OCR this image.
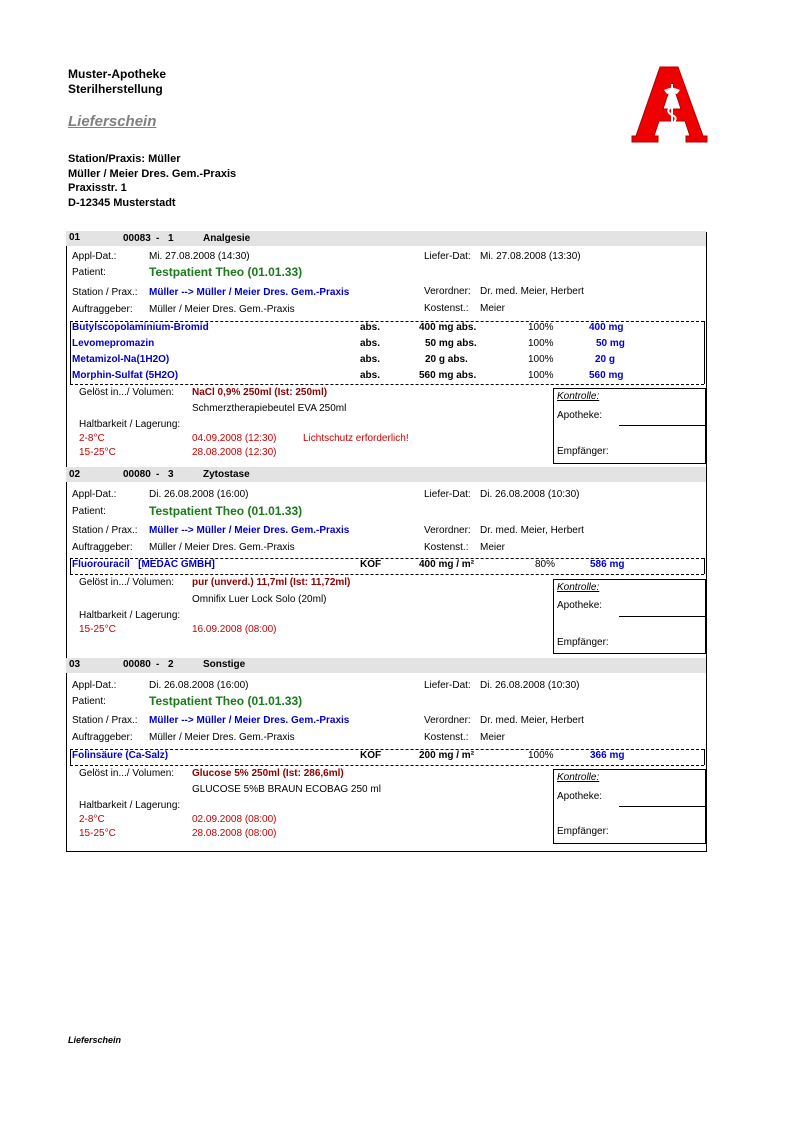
Muster-Apotheke
Sterilherstellung
Lieferschein
Station/Praxis: Müller
Müller / Meier Dres. Gem.-Praxis
Praxisstr. 1
D-12345 Musterstadt
01	00083 - 1	Analgesie
Appl-Dat.:	Mi. 27.08.2008 (14:30)	Liefer-Dat: Mi. 27.08.2008 (13:30)
Patient:	Testpatient Theo (01.01.33)
Station / Prax.: Müller --> Müller / Meier Dres. Gem.-Praxis	Verordner: Dr. med. Meier, Herbert
Auftraggeber: Müller / Meier Dres. Gem.-Praxis	Kostenst.: Meier
Butylscopolaminium-Bromid	abs.	400 mg abs.	100%	400 mg
Levomepromazin	abs.	50 mg abs.	100%	50 mg
Metamizol-Na(1H2O)	abs.	20 g abs.	100%	20 g
Morphin-Sulfat (5H2O)	abs.	560 mg abs.	100%	560 mg
Gelöst in.../ Volumen: NaCl 0,9% 250ml (Ist: 250ml)
Schmerztherapiebeutel EVA 250ml
Haltbarkeit / Lagerung:
2-8°C	04.09.2008 (12:30)	Lichtschutz erforderlich!
15-25°C	28.08.2008 (12:30)
Kontrolle:
Apotheke:
Empfänger:
02	00080 - 3	Zytostase
Appl-Dat.:	Di. 26.08.2008 (16:00)	Liefer-Dat: Di. 26.08.2008 (10:30)
Patient:	Testpatient Theo (01.01.33)
Station / Prax.: Müller --> Müller / Meier Dres. Gem.-Praxis	Verordner: Dr. med. Meier, Herbert
Auftraggeber: Müller / Meier Dres. Gem.-Praxis	Kostenst.: Meier
Fluorouracil   [MEDAC GMBH]	KOF	400 mg / m²	80%	586 mg
Gelöst in.../ Volumen: pur (unverd.) 11,7ml (Ist: 11,72ml)
Omnifix Luer Lock Solo (20ml)
Haltbarkeit / Lagerung:
15-25°C	16.09.2008 (08:00)
Kontrolle:
Apotheke:
Empfänger:
03	00080 - 2	Sonstige
Appl-Dat.:	Di. 26.08.2008 (16:00)	Liefer-Dat: Di. 26.08.2008 (10:30)
Patient:	Testpatient Theo (01.01.33)
Station / Prax.: Müller --> Müller / Meier Dres. Gem.-Praxis	Verordner: Dr. med. Meier, Herbert
Auftraggeber: Müller / Meier Dres. Gem.-Praxis	Kostenst.: Meier
Folinsäure (Ca-Salz)	KOF	200 mg / m²	100%	366 mg
Gelöst in.../ Volumen: Glucose 5% 250ml (Ist: 286,6ml)
GLUCOSE 5%B BRAUN ECOBAG 250 ml
Haltbarkeit / Lagerung:
2-8°C	02.09.2008 (08:00)
15-25°C	28.08.2008 (08:00)
Kontrolle:
Apotheke:
Empfänger:
Lieferschein
